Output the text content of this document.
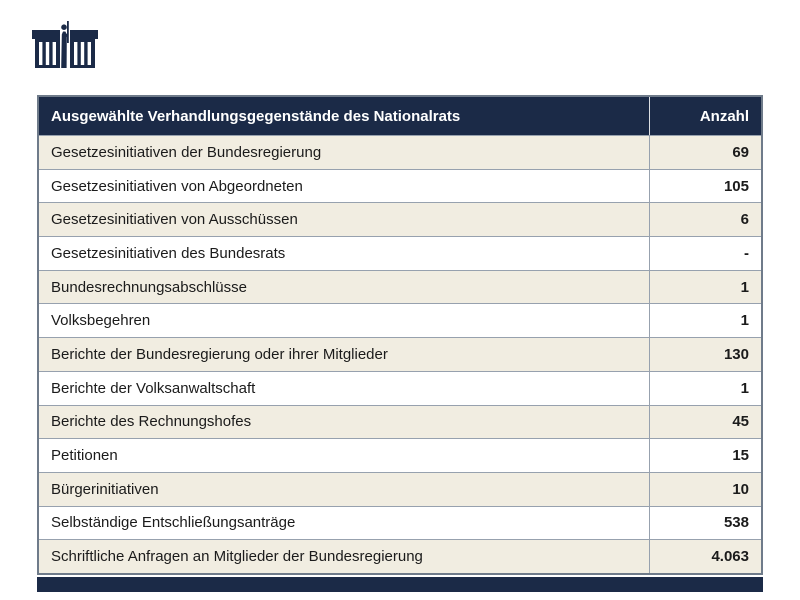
Ausgewählte Verhandlungsgegenstände des Nationalrats	Anzahl
Gesetzesinitiativen der Bundesregierung	69
Gesetzesinitiativen von Abgeordneten	105
Gesetzesinitiativen von Ausschüssen	6
Gesetzesinitiativen des Bundesrats	-
Bundesrechnungsabschlüsse	1
Volksbegehren	1
Berichte der Bundesregierung oder ihrer Mitglieder	130
Berichte der Volksanwaltschaft	1
Berichte des Rechnungshofes	45
Petitionen	15
Bürgerinitiativen	10
Selbständige Entschließungsanträge	538
Schriftliche Anfragen an Mitglieder der Bundesregierung	4.063
